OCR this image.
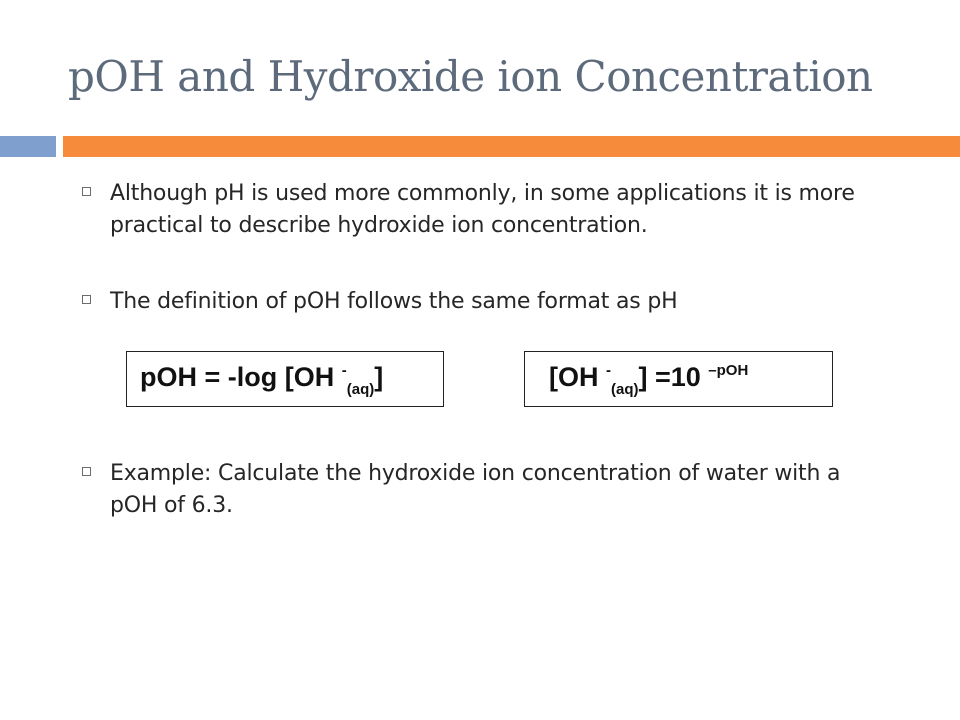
pOH and Hydroxide ion Concentration
Although pH is used more commonly, in some applications it is more practical to describe hydroxide ion concentration.
The definition of pOH follows the same format as pH
pOH = -log [OH -$_{(aq)}$]	[OH -$_{(aq)}$] =10 $^{-pOH}$
Example: Calculate the hydroxide ion concentration of water with a pOH of 6.3.
